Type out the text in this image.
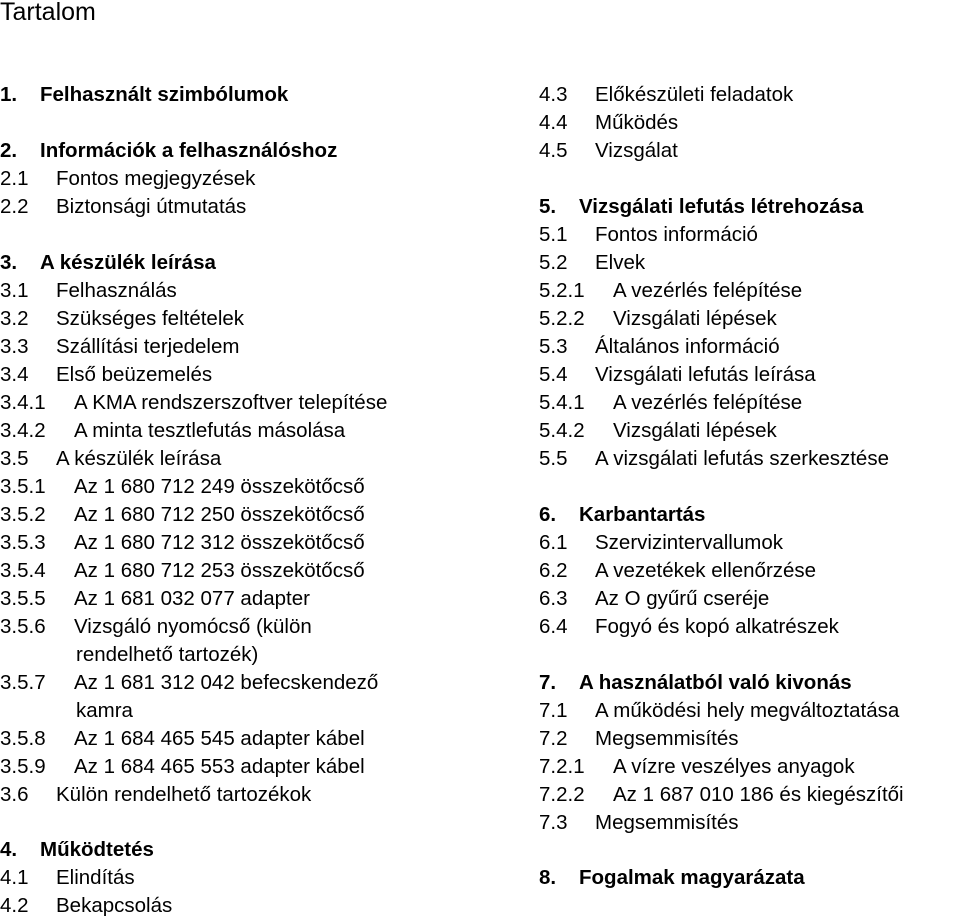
Tartalom
1. Felhasznált szimbólumok
2. Információk a felhasználóshoz
2.1 Fontos megjegyzések
2.2 Biztonsági útmutatás
3. A készülék leírása
3.1 Felhasználás
3.2 Szükséges feltételek
3.3 Szállítási terjedelem
3.4 Első beüzemelés
3.4.1 A KMA rendszerszoftver telepítése
3.4.2 A minta tesztlefutás másolása
3.5 A készülék leírása
3.5.1 Az 1 680 712 249 összekötőcső
3.5.2 Az 1 680 712 250 összekötőcső
3.5.3 Az 1 680 712 312 összekötőcső
3.5.4 Az 1 680 712 253 összekötőcső
3.5.5 Az 1 681 032 077 adapter
3.5.6 Vizsgáló nyomócső (külön
rendelhető tartozék)
3.5.7 Az 1 681 312 042 befecskendező
kamra
3.5.8 Az 1 684 465 545 adapter kábel
3.5.9 Az 1 684 465 553 adapter kábel
3.6 Külön rendelhető tartozékok
4. Működtetés
4.1 Elindítás
4.2 Bekapcsolás
4.3 Előkészületi feladatok
4.4 Működés
4.5 Vizsgálat
5. Vizsgálati lefutás létrehozása
5.1 Fontos információ
5.2 Elvek
5.2.1 A vezérlés felépítése
5.2.2 Vizsgálati lépések
5.3 Általános információ
5.4 Vizsgálati lefutás leírása
5.4.1 A vezérlés felépítése
5.4.2 Vizsgálati lépések
5.5 A vizsgálati lefutás szerkesztése
6. Karbantartás
6.1 Szervizintervallumok
6.2 A vezetékek ellenőrzése
6.3 Az O gyűrű cseréje
6.4 Fogyó és kopó alkatrészek
7. A használatból való kivonás
7.1 A működési hely megváltoztatása
7.2 Megsemmisítés
7.2.1 A vízre veszélyes anyagok
7.2.2 Az 1 687 010 186 és kiegészítői
7.3 Megsemmisítés
8. Fogalmak magyarázata
